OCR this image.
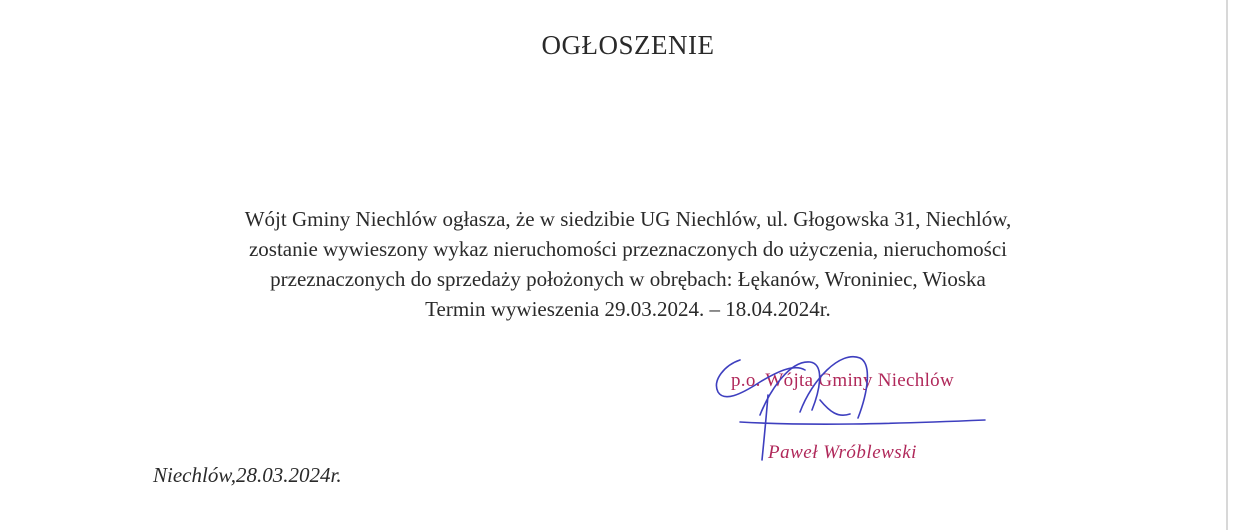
OGŁOSZENIE
Wójt Gminy Niechlów ogłasza, że w siedzibie UG Niechlów, ul. Głogowska 31, Niechlów,
zostanie wywieszony wykaz nieruchomości przeznaczonych do użyczenia, nieruchomości
przeznaczonych do sprzedaży położonych w obrębach: Łękanów, Wroniniec, Wioska
Termin wywieszenia 29.03.2024. – 18.04.2024r.
p.o. Wójta Gminy Niechlów
Paweł Wróblewski
Niechlów,28.03.2024r.
